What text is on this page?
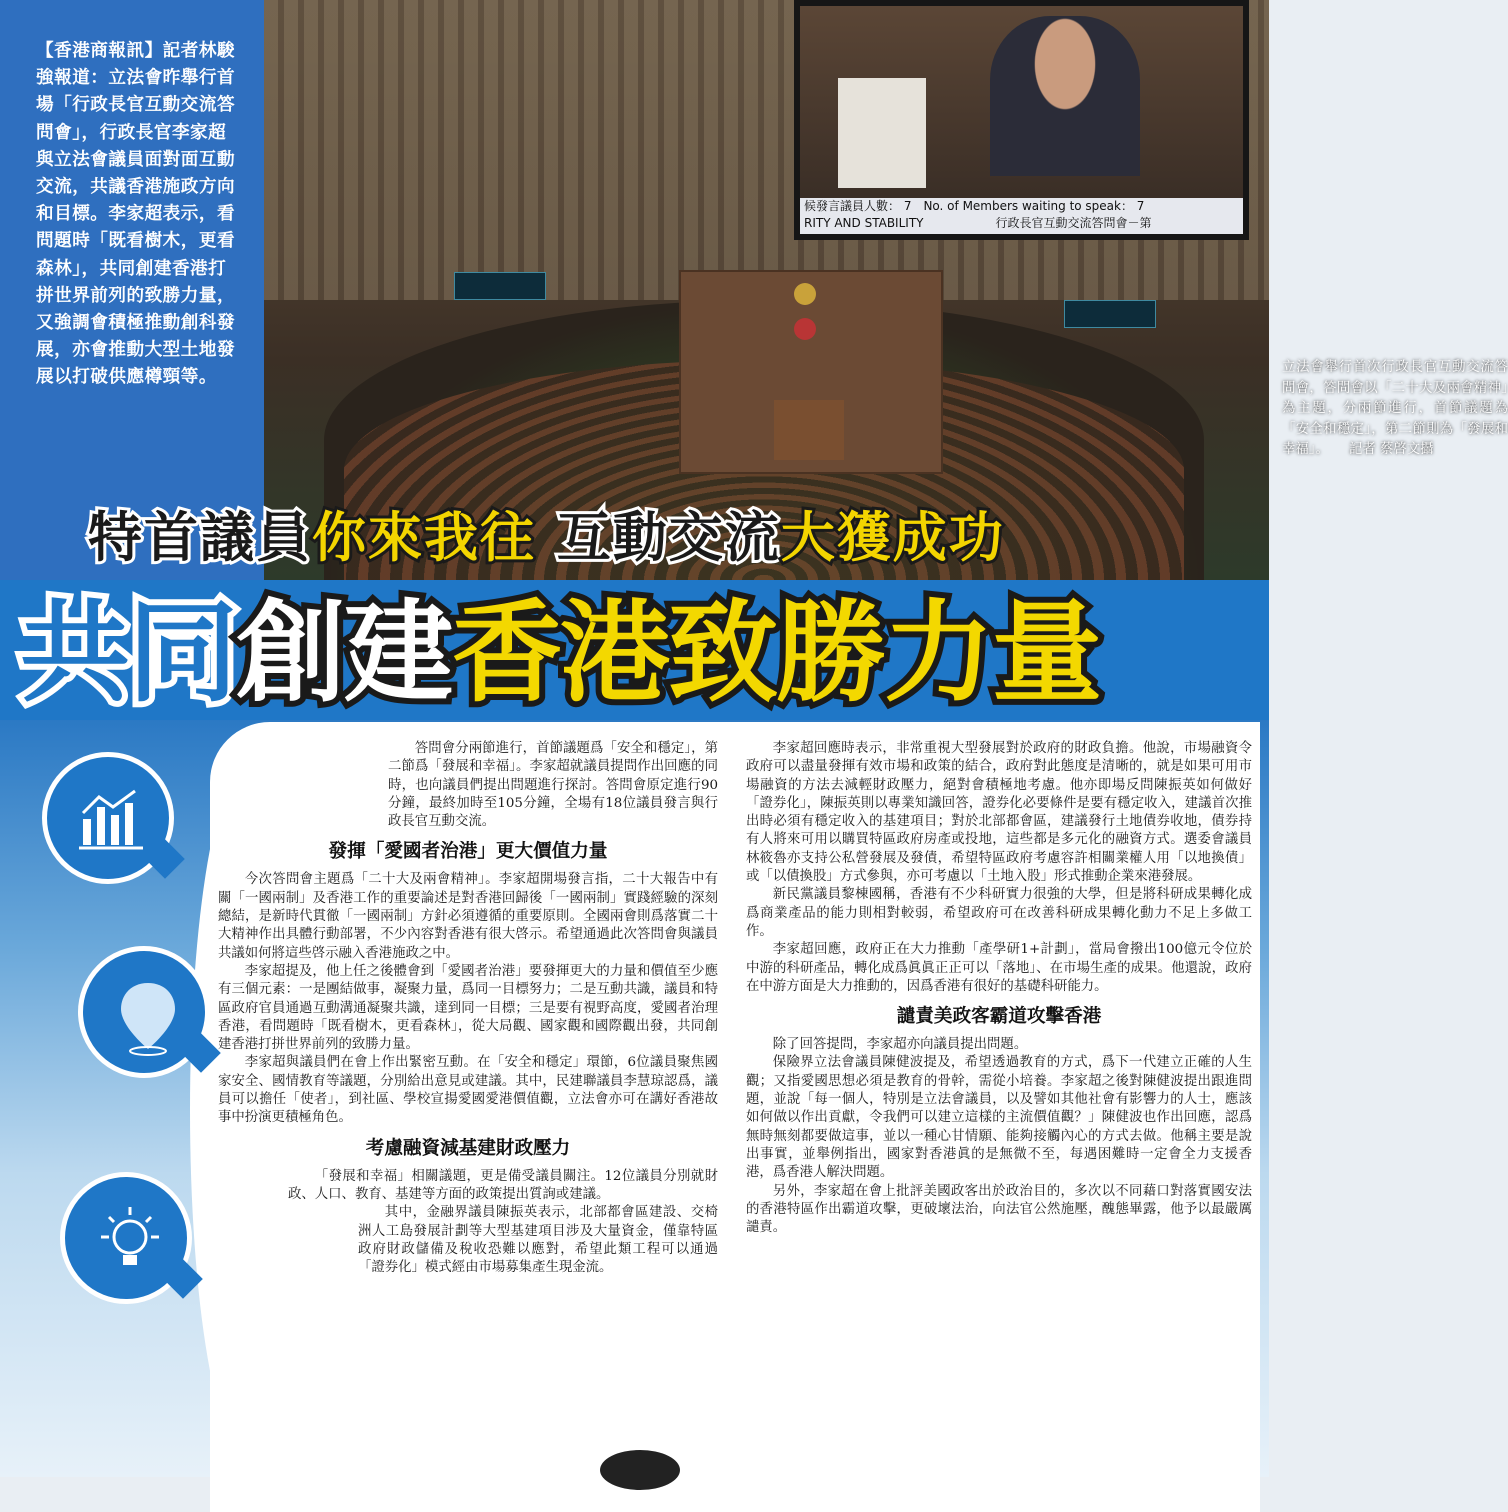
候發言議員人數： 7　No. of Members waiting to speak： 7
RITY AND STABILITY　　　　　　行政長官互動交流答問會－第
立法會舉行首次行政長官互動交流答問會，答問會以「二十大及兩會精神」為主題，分兩節進行，首節議題為「安全和穩定」，第二節則為「發展和幸福」。　　記者 蔡啓文攝
【香港商報訊】記者林駿強報道：立法會昨舉行首場「行政長官互動交流答問會」，行政長官李家超與立法會議員面對面互動交流，共議香港施政方向和目標。李家超表示，看問題時「既看樹木，更看森林」，共同創建香港打拼世界前列的致勝力量，又強調會積極推動創科發展，亦會推動大型土地發展以打破供應樽頸等。
特首議員你來我往 互動交流大獲成功
共同創建香港致勝力量

答問會分兩節進行，首節議題爲「安全和穩定」，第二節爲「發展和幸福」。李家超就議員提問作出回應的同時，也向議員們提出問題進行探討。答問會原定進行90分鐘，最終加時至105分鐘，全場有18位議員發言與行政長官互動交流。

發揮「愛國者治港」更大價值力量

今次答問會主題爲「二十大及兩會精神」。李家超開場發言指，二十大報告中有關「一國兩制」及香港工作的重要論述是對香港回歸後「一國兩制」實踐經驗的深刻總結，是新時代貫徹「一國兩制」方針必須遵循的重要原則。全國兩會則爲落實二十大精神作出具體行動部署，不少內容對香港有很大啓示。希望通過此次答問會與議員共議如何將這些啓示融入香港施政之中。

李家超提及，他上任之後體會到「愛國者治港」要發揮更大的力量和價值至少應有三個元素：一是團結做事，凝聚力量，爲同一目標努力；二是互動共識，議員和特區政府官員通過互動溝通凝聚共識，達到同一目標；三是要有視野高度，愛國者治理香港，看問題時「既看樹木，更看森林」，從大局觀、國家觀和國際觀出發，共同創建香港打拼世界前列的致勝力量。

李家超與議員們在會上作出緊密互動。在「安全和穩定」環節，6位議員聚焦國家安全、國情教育等議題，分別給出意見或建議。其中，民建聯議員李慧琼認爲，議員可以擔任「使者」，到社區、學校宣揚愛國愛港價值觀，立法會亦可在講好香港故事中扮演更積極角色。

考慮融資減基建財政壓力

「發展和幸福」相關議題，更是備受議員關注。12位議員分別就財政、人口、教育、基建等方面的政策提出質詢或建議。

其中，金融界議員陳振英表示，北部都會區建設、交椅洲人工島發展計劃等大型基建項目涉及大量資金，僅靠特區政府財政儲備及稅收恐難以應對，希望此類工程可以通過「證券化」模式經由市場募集產生現金流。

李家超回應時表示，非常重視大型發展對於政府的財政負擔。他說，市場融資令政府可以盡量發揮有效市場和政策的結合，政府對此態度是清晰的，就是如果可用市場融資的方法去減輕財政壓力，絕對會積極地考慮。他亦即場反問陳振英如何做好「證券化」，陳振英則以專業知識回答，證券化必要條件是要有穩定收入，建議首次推出時必須有穩定收入的基建項目；對於北部都會區，建議發行土地債券收地，債券持有人將來可用以購買特區政府房產或投地，這些都是多元化的融資方式。選委會議員林筱魯亦支持公私營發展及發債，希望特區政府考慮容許相關業權人用「以地換債」或「以債換股」方式參與，亦可考慮以「土地入股」形式推動企業來港發展。

新民黨議員黎棟國稱，香港有不少科研實力很強的大學，但是將科研成果轉化成爲商業產品的能力則相對較弱，希望政府可在改善科研成果轉化動力不足上多做工作。

李家超回應，政府正在大力推動「產學研1+計劃」，當局會撥出100億元令位於中游的科研產品，轉化成爲眞眞正正可以「落地」、在市場生產的成果。他還說，政府在中游方面是大力推動的，因爲香港有很好的基礎科研能力。

譴責美政客霸道攻擊香港

除了回答提問，李家超亦向議員提出問題。

保險界立法會議員陳健波提及，希望透過教育的方式，爲下一代建立正確的人生觀；又指愛國思想必須是教育的骨幹，需從小培養。李家超之後對陳健波提出跟進問題，並說「每一個人，特別是立法會議員，以及譬如其他社會有影響力的人士，應該如何做以作出貢獻，令我們可以建立這樣的主流價值觀？」陳健波也作出回應，認爲無時無刻都要做這事，並以一種心甘情願、能夠接觸內心的方式去做。他稱主要是說出事實，並舉例指出，國家對香港眞的是無微不至，每遇困難時一定會全力支援香港，爲香港人解決問題。

另外，李家超在會上批評美國政客出於政治目的，多次以不同藉口對落實國安法的香港特區作出霸道攻擊，更破壞法治，向法官公然施壓，醜態畢露，他予以最嚴厲譴責。
